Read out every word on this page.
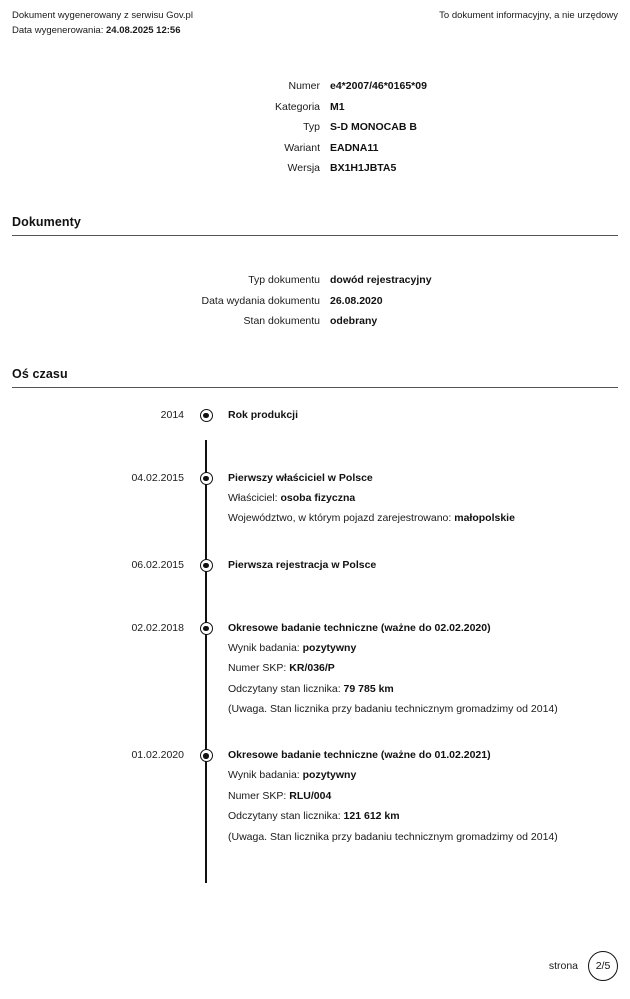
Dokument wygenerowany z serwisu Gov.pl
Data wygenerowania: 24.08.2025 12:56
To dokument informacyjny, a nie urzędowy
Numer e4*2007/46*0165*09
Kategoria M1
Typ S-D MONOCAB B
Wariant EADNA11
Wersja BX1H1JBTA5
Dokumenty
Typ dokumentu dowód rejestracyjny
Data wydania dokumentu 26.08.2020
Stan dokumentu odebrany
Oś czasu
2014	Rok produkcji
04.02.2015	Pierwszy właściciel w Polsce
Właściciel: osoba fizyczna
Województwo, w którym pojazd zarejestrowano: małopolskie
06.02.2015	Pierwsza rejestracja w Polsce
02.02.2018	Okresowe badanie techniczne (ważne do 02.02.2020)
Wynik badania: pozytywny
Numer SKP: KR/036/P
Odczytany stan licznika: 79 785 km
(Uwaga. Stan licznika przy badaniu technicznym gromadzimy od 2014)
01.02.2020	Okresowe badanie techniczne (ważne do 01.02.2021)
Wynik badania: pozytywny
Numer SKP: RLU/004
Odczytany stan licznika: 121 612 km
(Uwaga. Stan licznika przy badaniu technicznym gromadzimy od 2014)

strona	2/5
